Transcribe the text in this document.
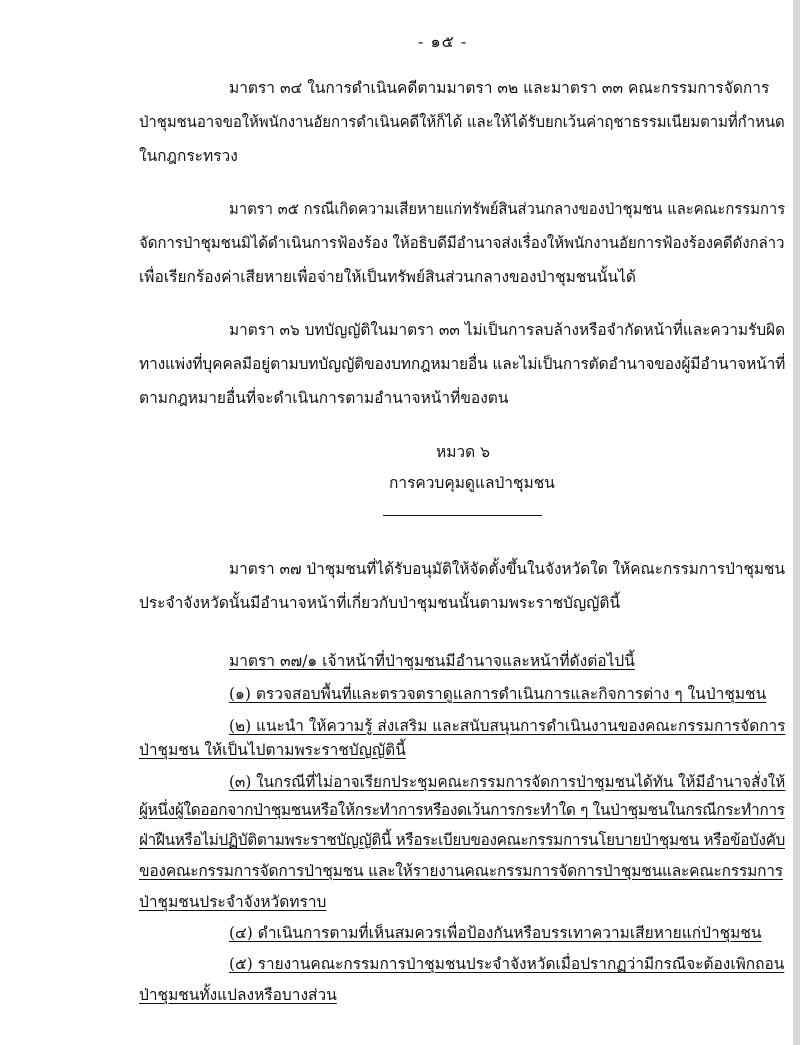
- ๑๕ -
มาตรา ๓๔ ในการดำเนินคดีตามมาตรา ๓๒ และมาตรา ๓๓ คณะกรรมการจัดการ
ป่าชุมชนอาจขอให้พนักงานอัยการดำเนินคดีให้ก็ได้ และให้ได้รับยกเว้นค่าฤชาธรรมเนียมตามที่กำหนด
ในกฎกระทรวง
มาตรา ๓๕ กรณีเกิดความเสียหายแก่ทรัพย์สินส่วนกลางของป่าชุมชน และคณะกรรมการ
จัดการป่าชุมชนมิได้ดำเนินการฟ้องร้อง ให้อธิบดีมีอำนาจส่งเรื่องให้พนักงานอัยการฟ้องร้องคดีดังกล่าว
เพื่อเรียกร้องค่าเสียหายเพื่อจ่ายให้เป็นทรัพย์สินส่วนกลางของป่าชุมชนนั้นได้
มาตรา ๓๖ บทบัญญัติในมาตรา ๓๓ ไม่เป็นการลบล้างหรือจำกัดหน้าที่และความรับผิด
ทางแพ่งที่บุคคลมีอยู่ตามบทบัญญัติของบทกฎหมายอื่น และไม่เป็นการตัดอำนาจของผู้มีอำนาจหน้าที่
ตามกฎหมายอื่นที่จะดำเนินการตามอำนาจหน้าที่ของตน
หมวด ๖
การควบคุมดูแลป่าชุมชน
มาตรา ๓๗ ป่าชุมชนที่ได้รับอนุมัติให้จัดตั้งขึ้นในจังหวัดใด ให้คณะกรรมการป่าชุมชน
ประจำจังหวัดนั้นมีอำนาจหน้าที่เกี่ยวกับป่าชุมชนนั้นตามพระราชบัญญัตินี้
มาตรา ๓๗/๑ เจ้าหน้าที่ป่าชุมชนมีอำนาจและหน้าที่ดังต่อไปนี้
(๑) ตรวจสอบพื้นที่และตรวจตราดูแลการดำเนินการและกิจการต่าง ๆ ในป่าชุมชน
(๒) แนะนำ ให้ความรู้ ส่งเสริม และสนับสนุนการดำเนินงานของคณะกรรมการจัดการ
ป่าชุมชน ให้เป็นไปตามพระราชบัญญัตินี้
(๓) ในกรณีที่ไม่อาจเรียกประชุมคณะกรรมการจัดการป่าชุมชนได้ทัน ให้มีอำนาจสั่งให้
ผู้หนึ่งผู้ใดออกจากป่าชุมชนหรือให้กระทำการหรืองดเว้นการกระทำใด ๆ ในป่าชุมชนในกรณีกระทำการ
ฝ่าฝืนหรือไม่ปฏิบัติตามพระราชบัญญัตินี้ หรือระเบียบของคณะกรรมการนโยบายป่าชุมชน หรือข้อบังคับ
ของคณะกรรมการจัดการป่าชุมชน และให้รายงานคณะกรรมการจัดการป่าชุมชนและคณะกรรมการ
ป่าชุมชนประจำจังหวัดทราบ
(๔) ดำเนินการตามที่เห็นสมควรเพื่อป้องกันหรือบรรเทาความเสียหายแก่ป่าชุมชน
(๕) รายงานคณะกรรมการป่าชุมชนประจำจังหวัดเมื่อปรากฏว่ามีกรณีจะต้องเพิกถอน
ป่าชุมชนทั้งแปลงหรือบางส่วน
